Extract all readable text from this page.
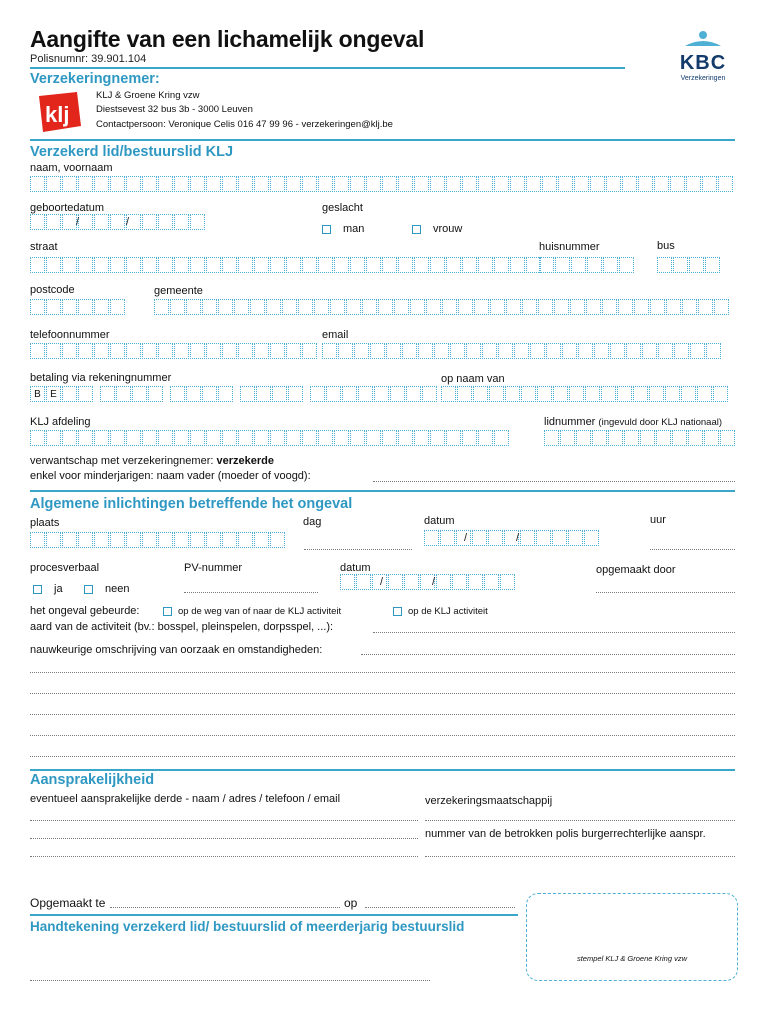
Aangifte van een lichamelijk ongeval
Polisnumnr: 39.901.104	KBC
Verzekeringen
Verzekeringnemer:
klj
KLJ & Groene Kring vzw
Diestsevest 32 bus 3b - 3000 Leuven
Contactpersoon: Veronique Celis 016 47 99 96 - verzekeringen@klj.be
Verzekerd lid/bestuurslid KLJ
naam, voornaam
geboortedatum
/	/
geslacht
man	vrouw
straat	huisnummer	bus
postcode	gemeente
telefoonnummer	email
betaling via rekeningnummer	op naam van
B E
KLJ afdeling	lidnummer (ingevuld door KLJ nationaal)
verwantschap met verzekeringnemer: verzekerde
enkel voor minderjarigen: naam vader (moeder of voogd):
Algemene inlichtingen betreffende het ongeval
plaats	dag	datum	uur
/	/
procesverbaal	PV-nummer	datum	opgemaakt door
ja	neen
/	/
het ongeval gebeurde:	op de weg van of naar de KLJ activiteit	op de KLJ activiteit
aard van de activiteit (bv.: bosspel, pleinspelen, dorpsspel, ...):
nauwkeurige omschrijving van oorzaak en omstandigheden:
Aansprakelijkheid
eventueel aansprakelijke derde - naam / adres / telefoon / email	verzekeringsmaatschappij
nummer van de betrokken polis burgerrechterlijke aanspr.
Opgemaakt te	op
Handtekening verzekerd lid/ bestuurslid of meerderjarig bestuurslid
stempel KLJ & Groene Kring vzw
